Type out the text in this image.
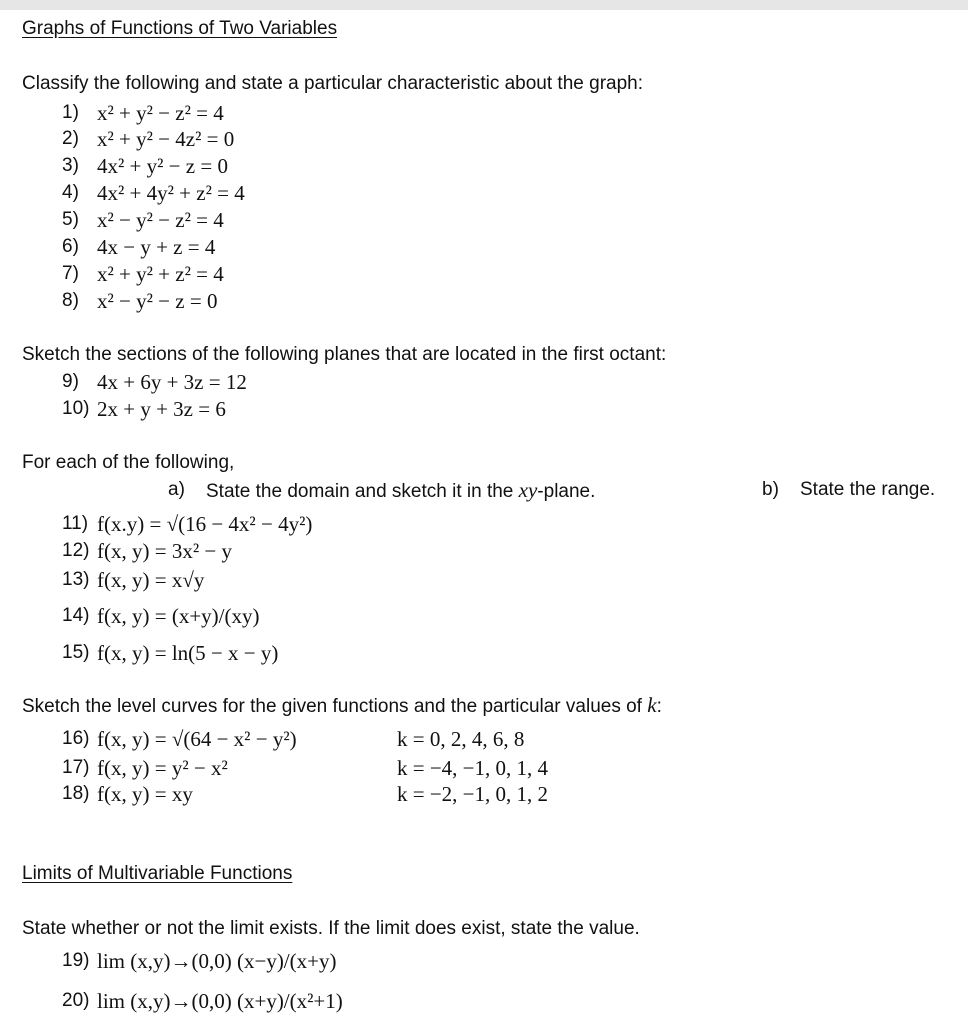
Graphs of Functions of Two Variables
Classify the following and state a particular characteristic about the graph:
1) x² + y² − z² = 4
2) x² + y² − 4z² = 0
3) 4x² + y² − z = 0
4) 4x² + 4y² + z² = 4
5) x² − y² − z² = 4
6) 4x − y + z = 4
7) x² + y² + z² = 4
8) x² − y² − z = 0
Sketch the sections of the following planes that are located in the first octant:
9) 4x + 6y + 3z = 12
10) 2x + y + 3z = 6
For each of the following,
a) State the domain and sketch it in the xy-plane.	b) State the range.
11) f(x.y) = √(16 − 4x² − 4y²)
12) f(x, y) = 3x² − y
13) f(x, y) = x√y
14) f(x, y) = (x+y)/(xy)
15) f(x, y) = ln(5 − x − y)
Sketch the level curves for the given functions and the particular values of k:
16) f(x, y) = √(64 − x² − y²)	k = 0, 2, 4, 6, 8
17) f(x, y) = y² − x²	k = −4, −1, 0, 1, 4
18) f(x, y) = xy	k = −2, −1, 0, 1, 2
Limits of Multivariable Functions
State whether or not the limit exists. If the limit does exist, state the value.
19) lim (x,y)→(0,0) (x−y)/(x+y)
20) lim (x,y)→(0,0) (x+y)/(x²+1)
